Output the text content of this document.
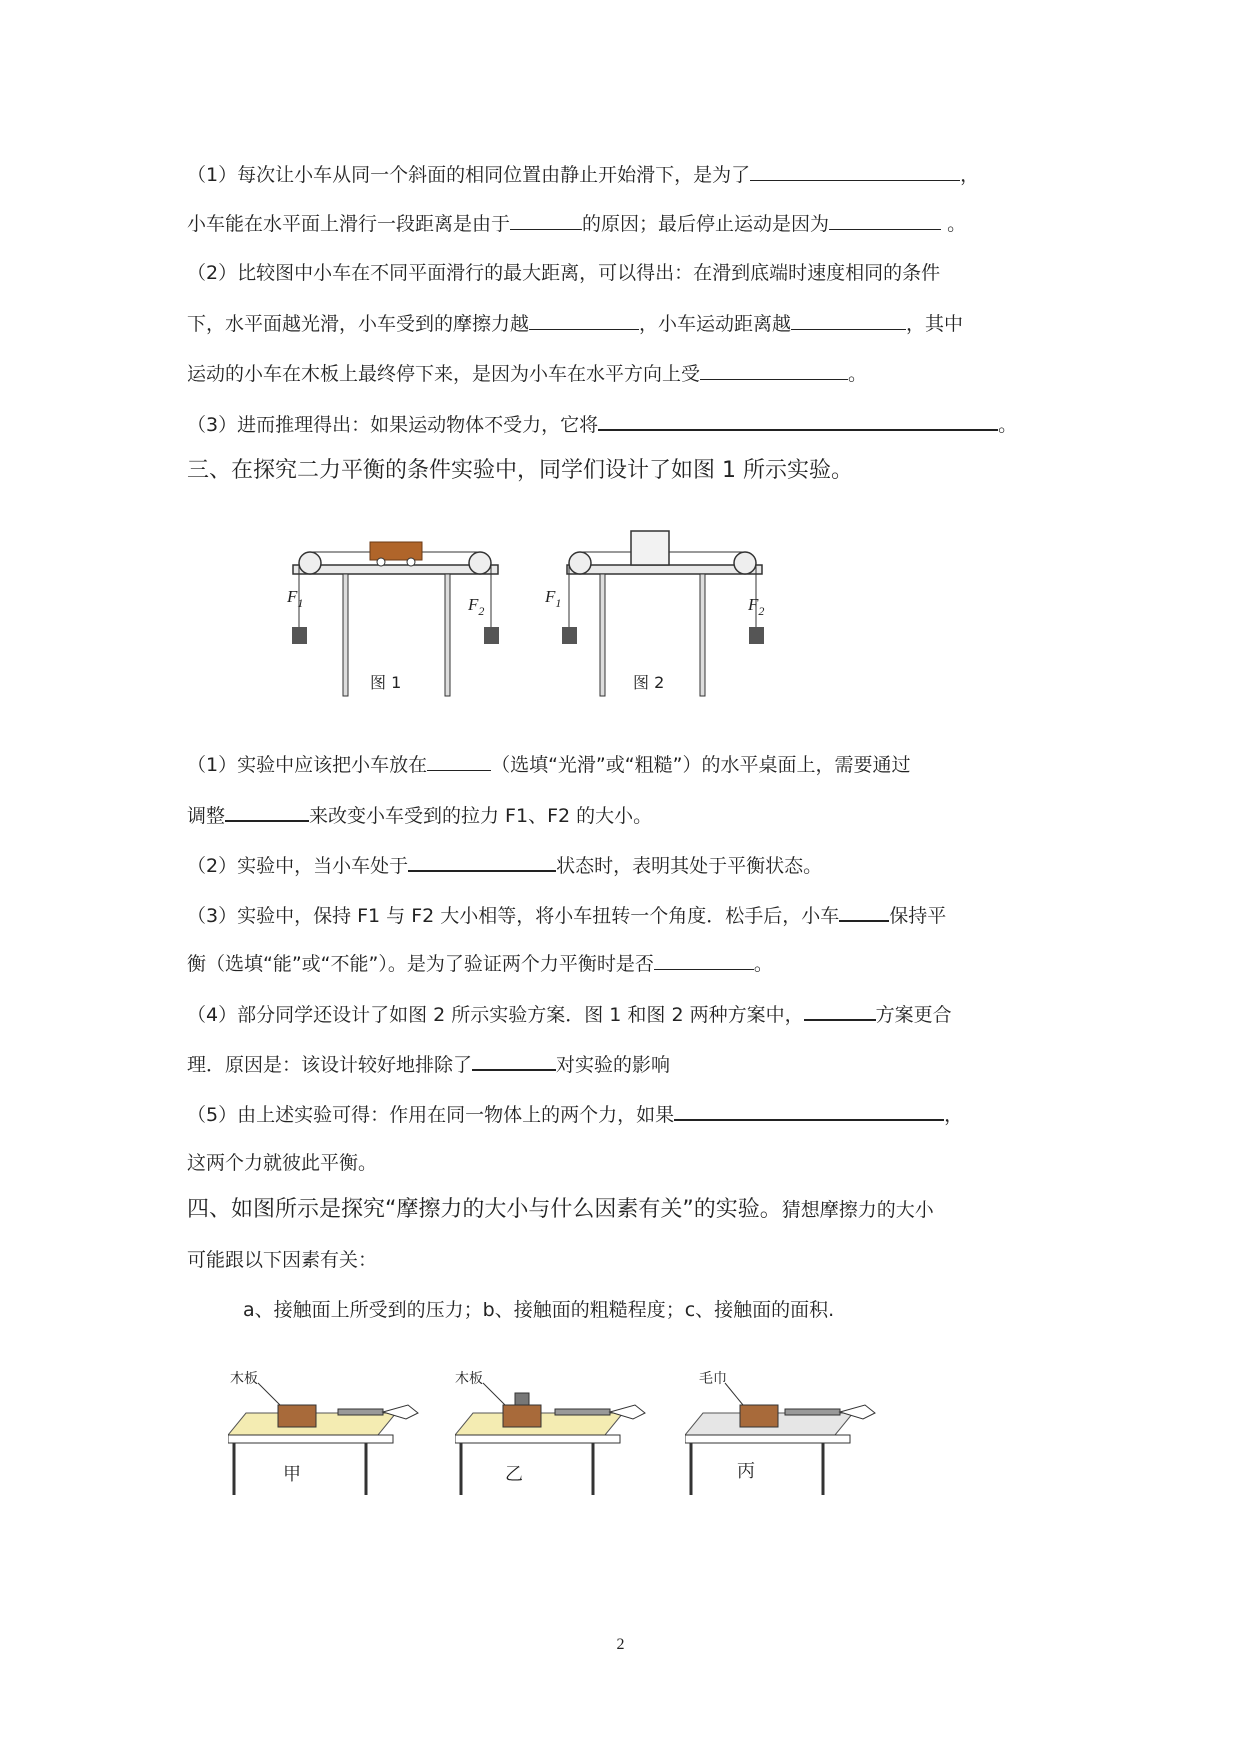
（1）每次让小车从同一个斜面的相同位置由静止开始滑下，是为了	，
小车能在水平面上滑行一段距离是由于	的原因；最后停止运动是因为	。
（2）比较图中小车在不同平面滑行的最大距离，可以得出：在滑到底端时速度相同的条件
下，水平面越光滑，小车受到的摩擦力越	，小车运动距离越	，其中
运动的小车在木板上最终停下来，是因为小车在水平方向上受	。
（3）进而推理得出：如果运动物体不受力，它将	。
三、在探究二力平衡的条件实验中，同学们设计了如图 1 所示实验。
$F_1$	$F_2$
图 1
$F_1$	$F_2$
图 2
（1）实验中应该把小车放在	（选填“光滑”或“粗糙”）的水平桌面上，需要通过
调整	来改变小车受到的拉力 F1、F2 的大小。
（2）实验中，当小车处于	状态时，表明其处于平衡状态。
（3）实验中，保持 F1 与 F2 大小相等，将小车扭转一个角度．松手后，小车	保持平
衡（选填“能”或“不能”）。是为了验证两个力平衡时是否	。
（4）部分同学还设计了如图 2 所示实验方案．图 1 和图 2 两种方案中，	方案更合
理．原因是：该设计较好地排除了	对实验的影响
（5）由上述实验可得：作用在同一物体上的两个力，如果	，
这两个力就彼此平衡。
四、如图所示是探究“摩擦力的大小与什么因素有关”的实验。猜想摩擦力的大小
可能跟以下因素有关：
a、接触面上所受到的压力；b、接触面的粗糙程度；c、接触面的面积.
木板
甲
木板
乙
毛巾
丙
2
